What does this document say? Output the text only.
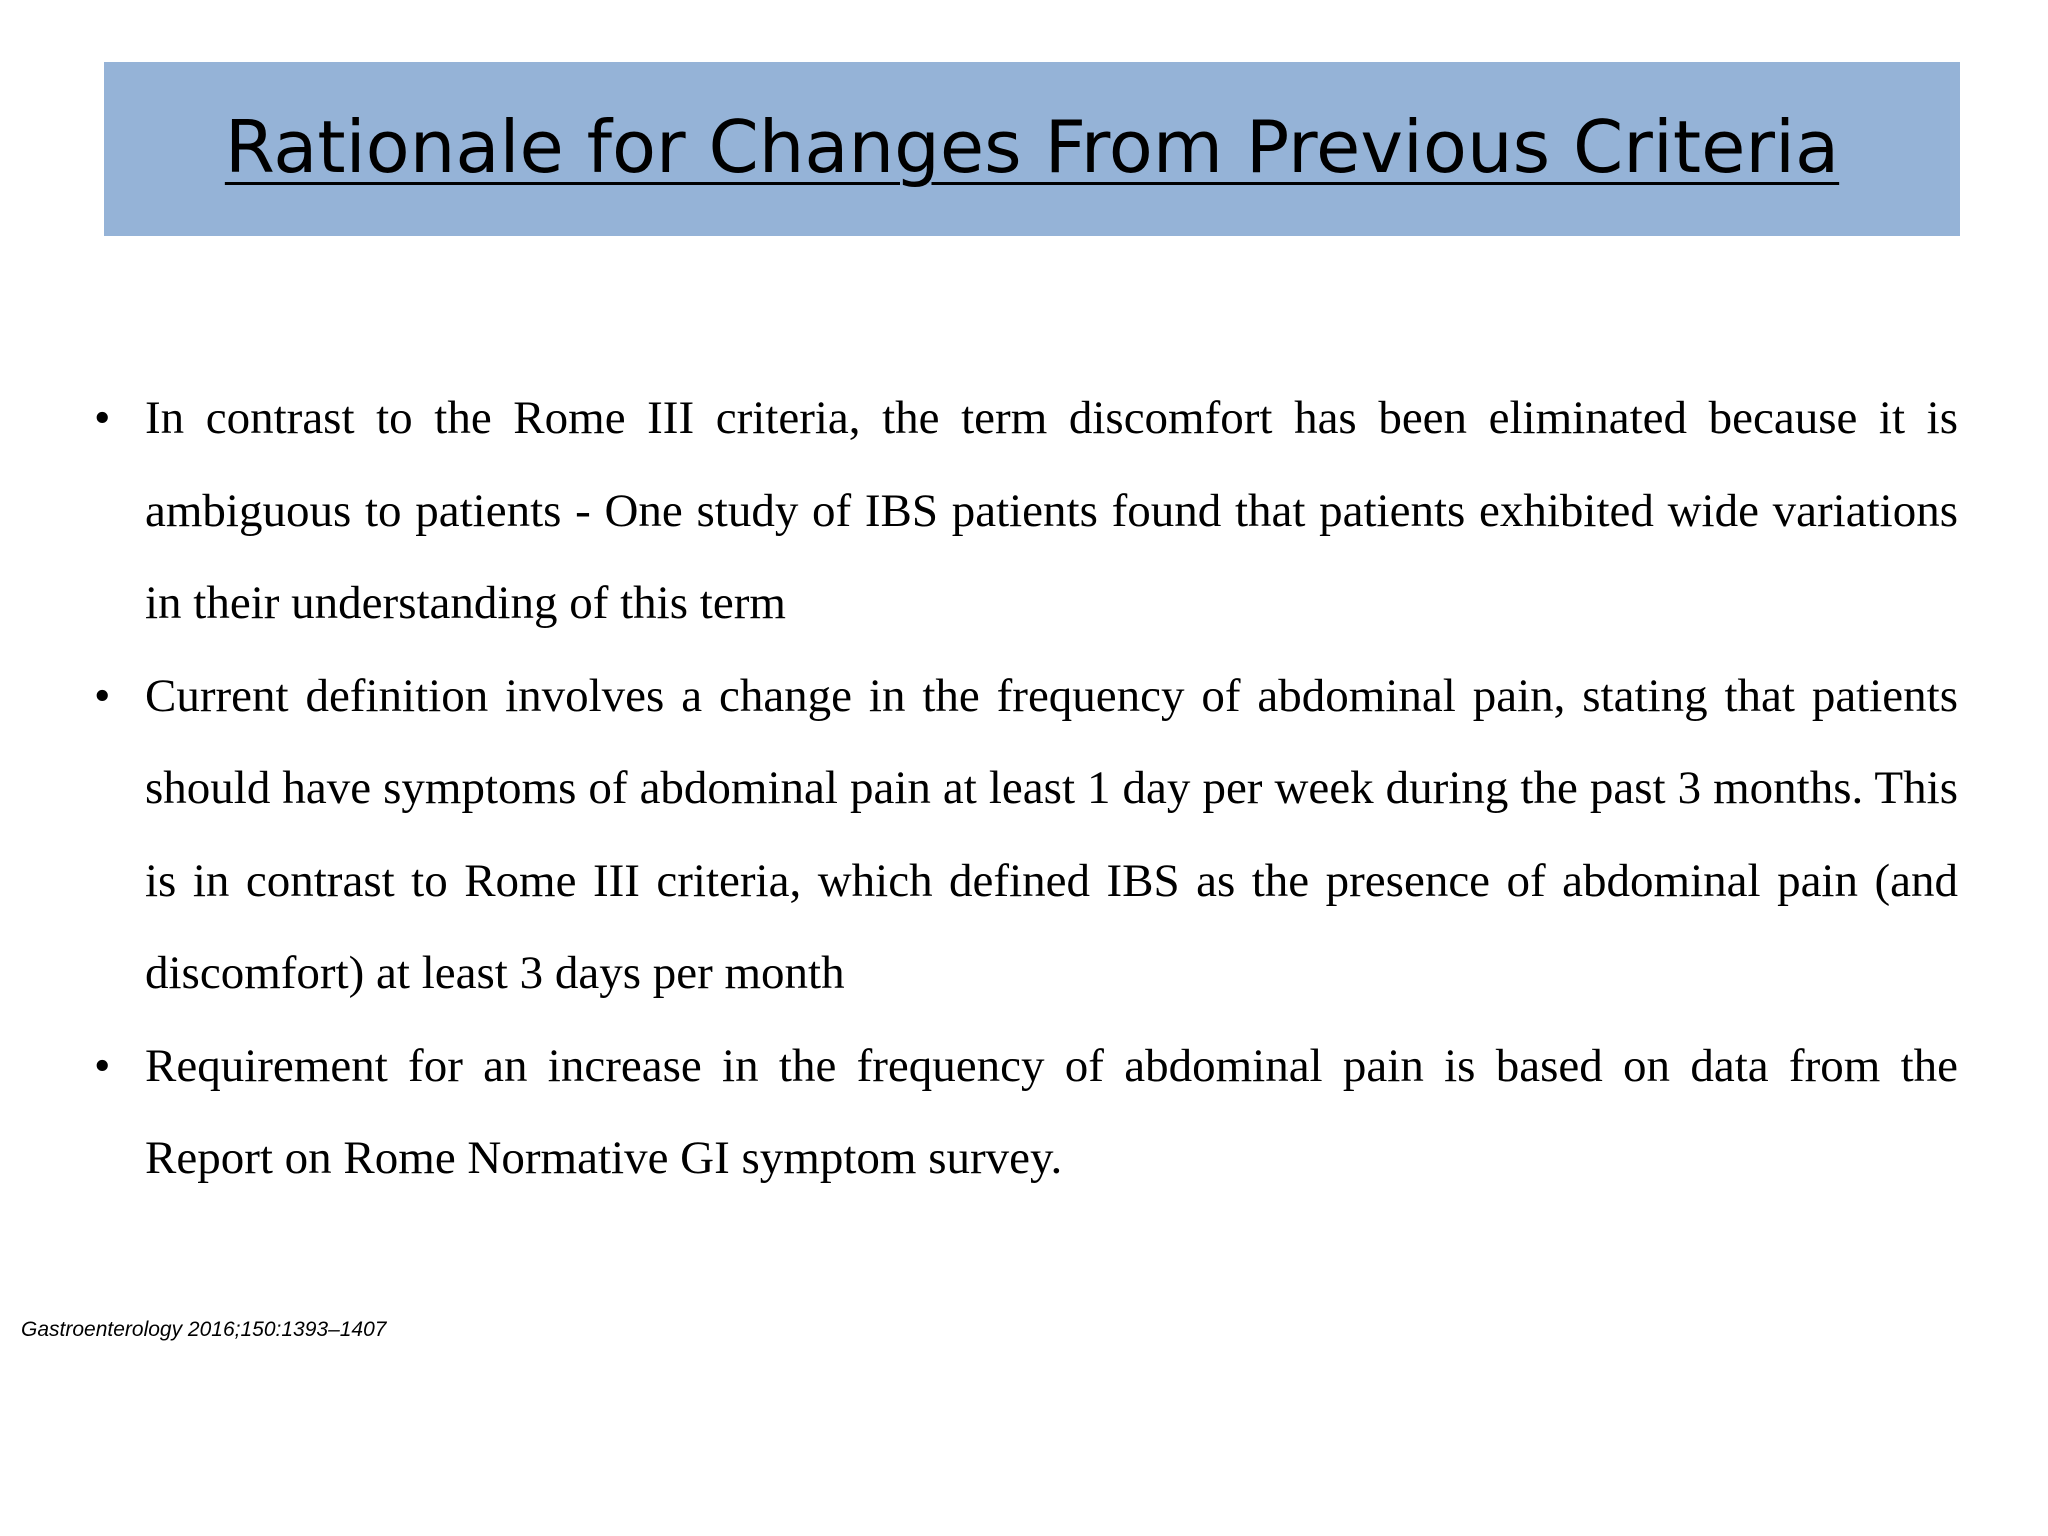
Rationale for Changes From Previous Criteria
• In contrast to the Rome III criteria, the term discomfort has been eliminated because it is ambiguous to patients - One study of IBS patients found that patients exhibited wide variations in their understanding of this term
• Current definition involves a change in the frequency of abdominal pain, stating that patients should have symptoms of abdominal pain at least 1 day per week during the past 3 months. This is in contrast to Rome III criteria, which defined IBS as the presence of abdominal pain (and discomfort) at least 3 days per month
• Requirement for an increase in the frequency of abdominal pain is based on data from the Report on Rome Normative GI symptom survey.
Gastroenterology 2016;150:1393–1407
